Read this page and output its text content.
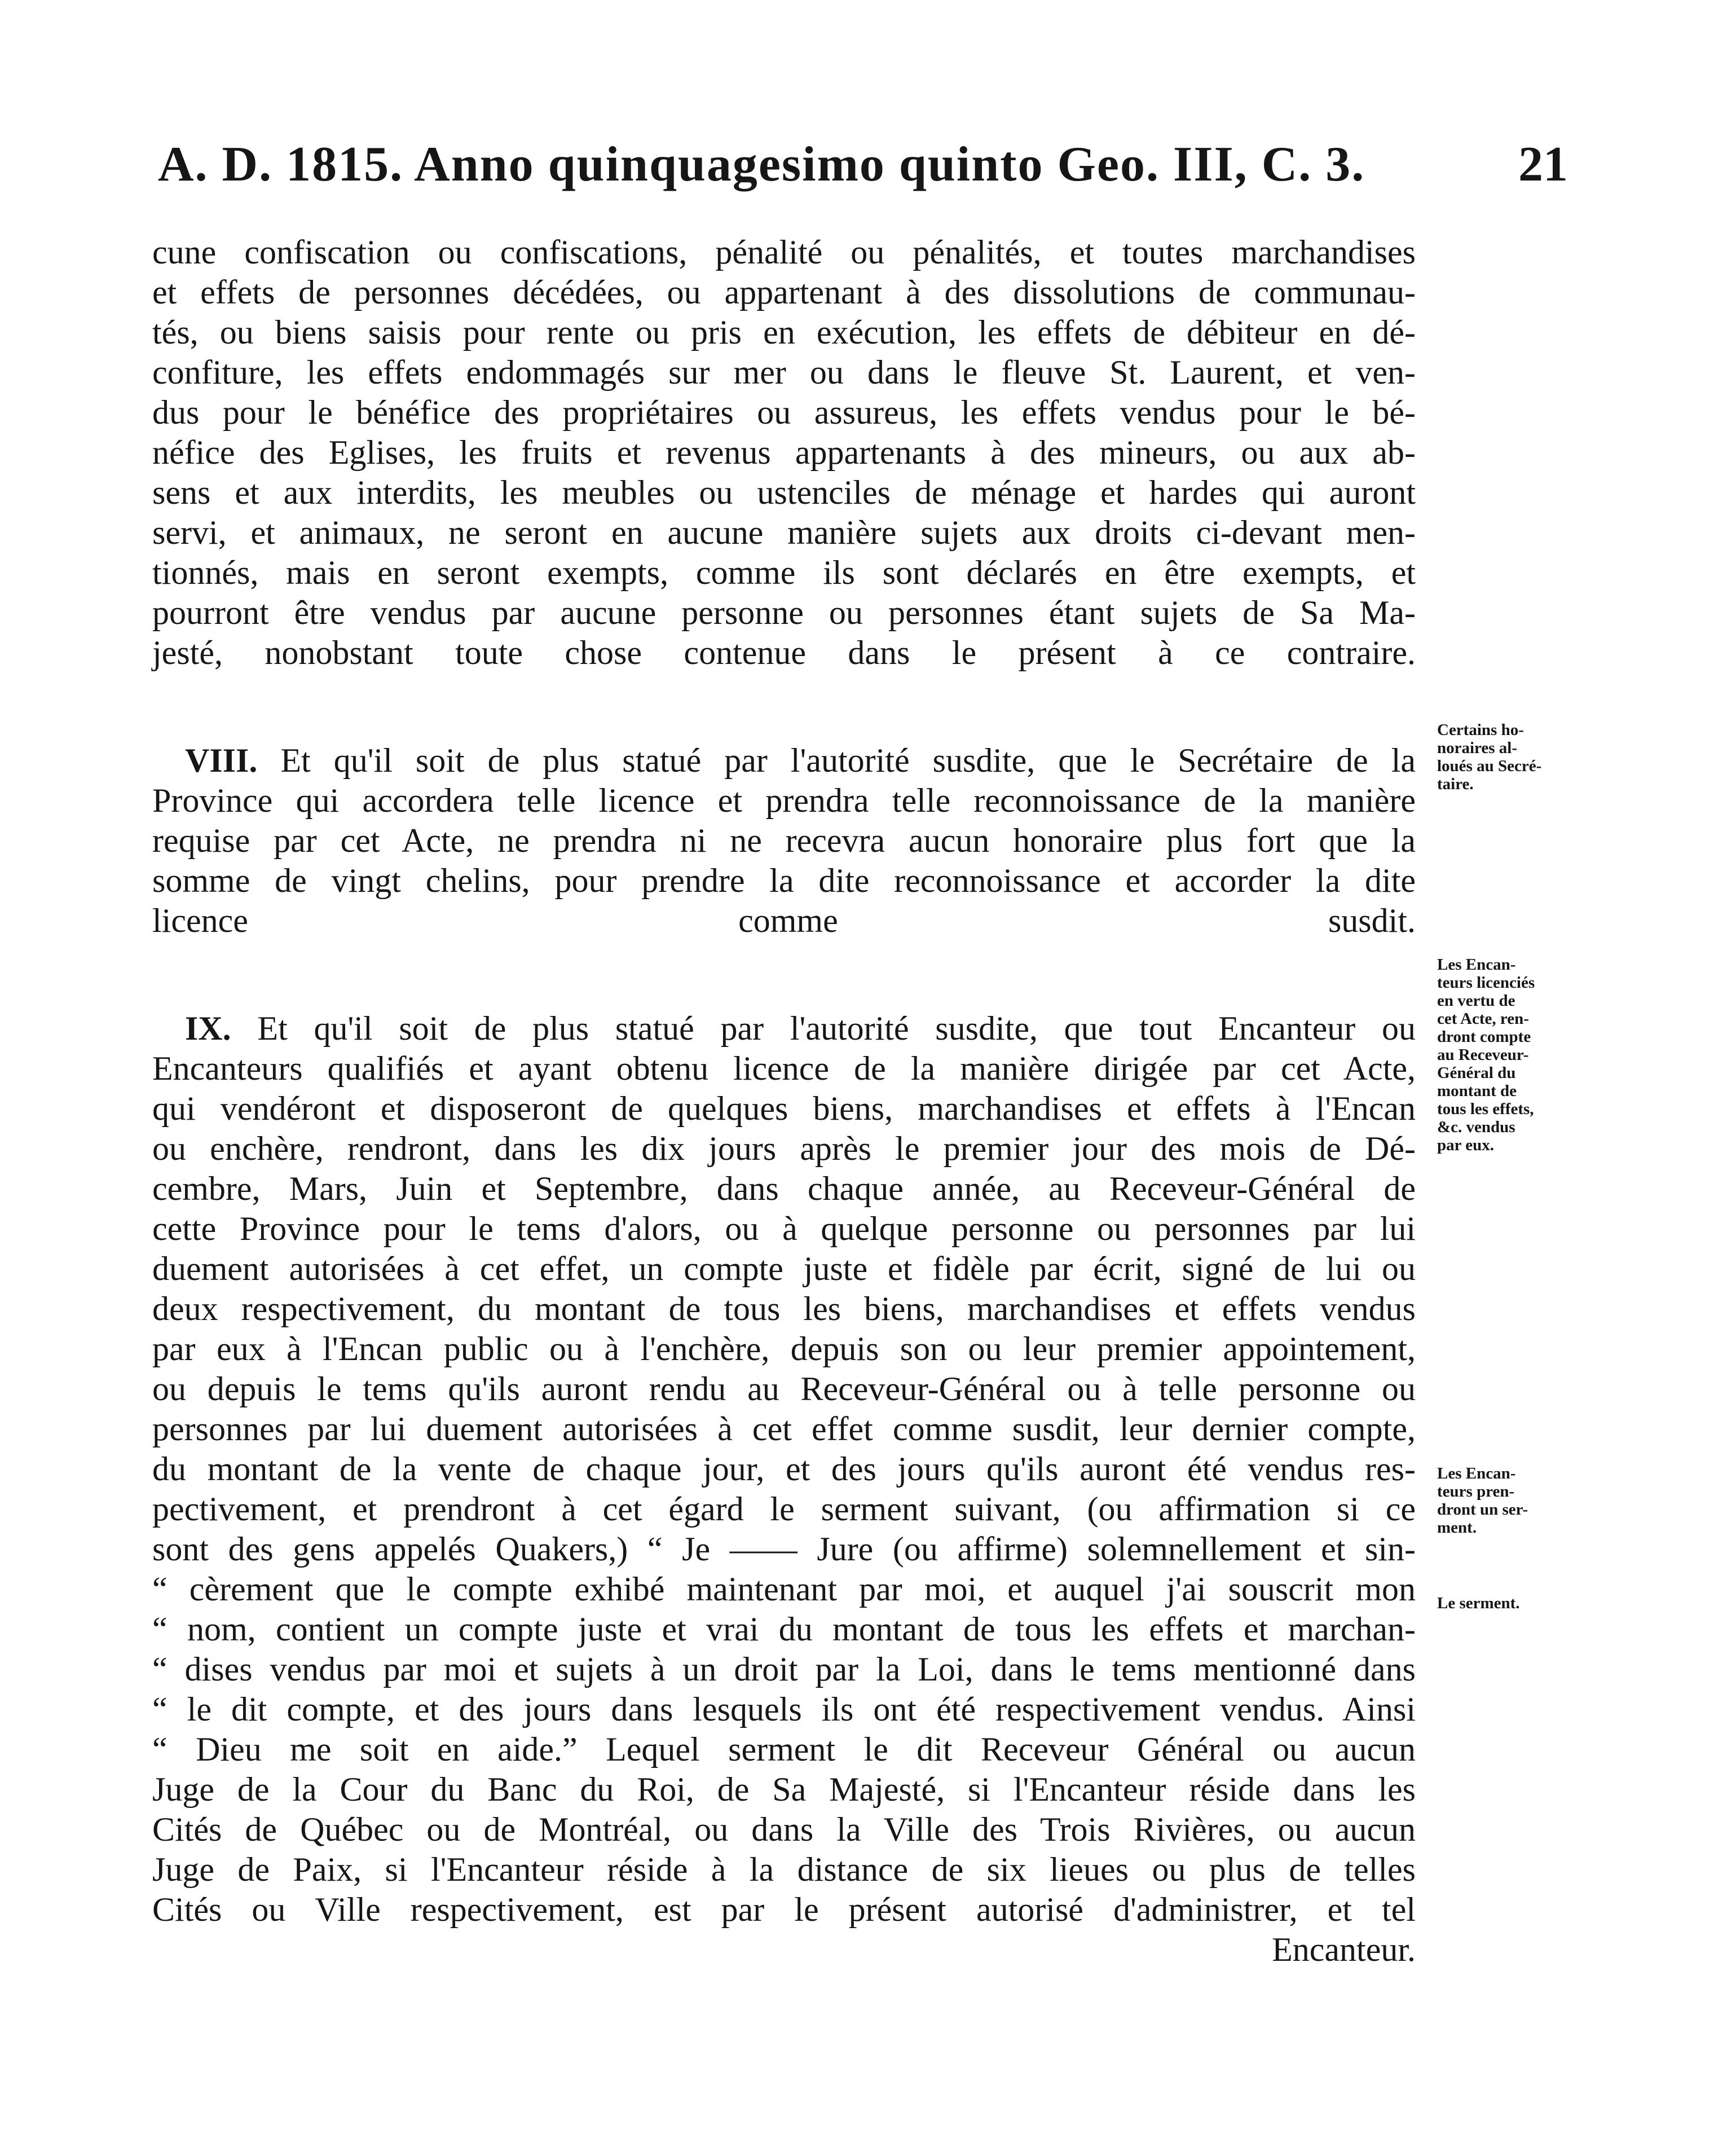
A. D. 1815. Anno quinquagesimo quinto Geo. III, C. 3.	21

cune confiscation ou confiscations, pénalité ou pénalités, et toutes marchandises

et effets de personnes décédées, ou appartenant à des dissolutions de communau-

tés, ou biens saisis pour rente ou pris en exécution, les effets de débiteur en dé-

confiture, les effets endommagés sur mer ou dans le fleuve St. Laurent, et ven-

dus pour le bénéfice des propriétaires ou assureus, les effets vendus pour le bé-

néfice des Eglises, les fruits et revenus appartenants à des mineurs, ou aux ab-

sens et aux interdits, les meubles ou ustenciles de ménage et hardes qui auront

servi, et animaux, ne seront en aucune manière sujets aux droits ci-devant men-

tionnés, mais en seront exempts, comme ils sont déclarés en être exempts, et

pourront être vendus par aucune personne ou personnes étant sujets de Sa Ma-

jesté, nonobstant toute chose contenue dans le présent à ce contraire.

VIII. Et qu'il soit de plus statué par l'autorité susdite, que le Secrétaire de la

Province qui accordera telle licence et prendra telle reconnoissance de la manière

requise par cet Acte, ne prendra ni ne recevra aucun honoraire plus fort que la

somme de vingt chelins, pour prendre la dite reconnoissance et accorder la dite

licence comme susdit.

IX. Et qu'il soit de plus statué par l'autorité susdite, que tout Encanteur ou

Encanteurs qualifiés et ayant obtenu licence de la manière dirigée par cet Acte,

qui vendéront et disposeront de quelques biens, marchandises et effets à l'Encan

ou enchère, rendront, dans les dix jours après le premier jour des mois de Dé-

cembre, Mars, Juin et Septembre, dans chaque année, au Receveur-Général de

cette Province pour le tems d'alors, ou à quelque personne ou personnes par lui

duement autorisées à cet effet, un compte juste et fidèle par écrit, signé de lui ou

deux respectivement, du montant de tous les biens, marchandises et effets vendus

par eux à l'Encan public ou à l'enchère, depuis son ou leur premier appointement,

ou depuis le tems qu'ils auront rendu au Receveur-Général ou à telle personne ou

personnes par lui duement autorisées à cet effet comme susdit, leur dernier compte,

du montant de la vente de chaque jour, et des jours qu'ils auront été vendus res-

pectivement, et prendront à cet égard le serment suivant, (ou affirmation si ce

sont des gens appelés Quakers,) “ Je —— Jure (ou affirme) solemnellement et sin-

“ cèrement que le compte exhibé maintenant par moi, et auquel j'ai souscrit mon

“ nom, contient un compte juste et vrai du montant de tous les effets et marchan-

“ dises vendus par moi et sujets à un droit par la Loi, dans le tems mentionné dans

“ le dit compte, et des jours dans lesquels ils ont été respectivement vendus. Ainsi

“ Dieu me soit en aide.” Lequel serment le dit Receveur Général ou aucun

Juge de la Cour du Banc du Roi, de Sa Majesté, si l'Encanteur réside dans les

Cités de Québec ou de Montréal, ou dans la Ville des Trois Rivières, ou aucun

Juge de Paix, si l'Encanteur réside à la distance de six lieues ou plus de telles

Cités ou Ville respectivement, est par le présent autorisé d'administrer, et tel

Encanteur.

Certains ho-
noraires al-
loués au Secré-
taire.
Les Encan-
teurs licenciés
en vertu de
cet Acte, ren-
dront compte
au Receveur-
Général du
montant de
tous les effets,
&c. vendus
par eux.
Les Encan-
teurs pren-
dront un ser-
ment.
Le serment.
